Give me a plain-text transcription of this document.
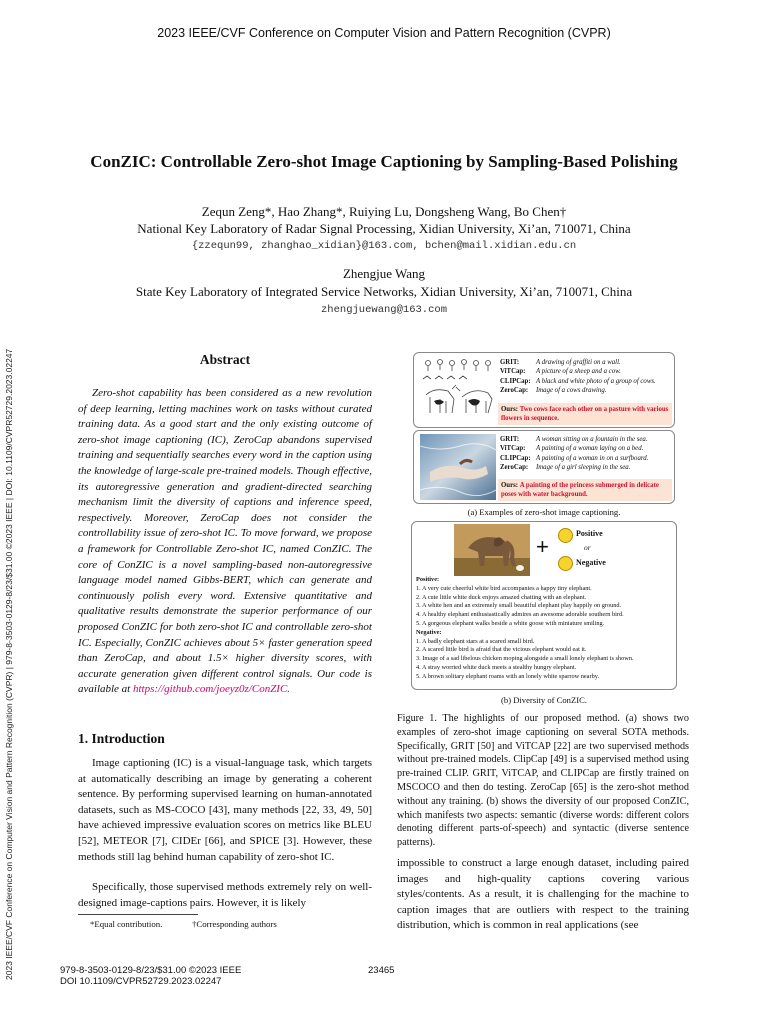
2023 IEEE/CVF Conference on Computer Vision and Pattern Recognition (CVPR)
ConZIC: Controllable Zero-shot Image Captioning by Sampling-Based Polishing
Zequn Zeng*, Hao Zhang*, Ruiying Lu, Dongsheng Wang, Bo Chen†
National Key Laboratory of Radar Signal Processing, Xidian University, Xi’an, 710071, China
{zzequn99, zhanghao_xidian}@163.com, bchen@mail.xidian.edu.cn
Zhengjue Wang
State Key Laboratory of Integrated Service Networks, Xidian University, Xi’an, 710071, China
zhengjuewang@163.com
2023 IEEE/CVF Conference on Computer Vision and Pattern Recognition (CVPR) | 979-8-3503-0129-8/23/$31.00 ©2023 IEEE | DOI: 10.1109/CVPR52729.2023.02247	Abstract
Zero-shot capability has been considered as a new revolution of deep learning, letting machines work on tasks without curated training data. As a good start and the only existing outcome of zero-shot image captioning (IC), ZeroCap abandons supervised training and sequentially searches every word in the caption using the knowledge of large-scale pre-trained models. Though effective, its autoregressive generation and gradient-directed searching mechanism limit the diversity of captions and inference speed, respectively. Moreover, ZeroCap does not consider the controllability issue of zero-shot IC. To move forward, we propose a framework for Controllable Zero-shot IC, named ConZIC. The core of ConZIC is a novel sampling-based non-autoregressive language model named Gibbs-BERT, which can generate and continuously polish every word. Extensive quantitative and qualitative results demonstrate the superior performance of our proposed ConZIC for both zero-shot IC and controllable zero-shot IC. Especially, ConZIC achieves about 5× faster generation speed than ZeroCap, and about 1.5× higher diversity scores, with accurate generation given different control signals. Our code is available at https://github.com/joeyz0z/ConZIC.
1. Introduction
Image captioning (IC) is a visual-language task, which targets at automatically describing an image by generating a coherent sentence. By performing supervised learning on human-annotated datasets, such as MS-COCO [43], many methods [22, 33, 49, 50] have achieved impressive evaluation scores on metrics like BLEU [52], METEOR [7], CIDEr [66], and SPICE [3]. However, these methods still lag behind human capability of zero-shot IC.
Specifically, those supervised methods extremely rely on well-designed image-captions pairs. However, it is likely
*Equal contribution.	†Corresponding authors
GRIT: A drawing of graffiti on a wall.
ViTCap: A picture of a sheep and a cow.
CLIPCap: A black and white photo of a group of cows.
ZeroCap: Image of a cows drawing.
Ours: Two cows face each other on a pasture with various flowers in sequence.
GRIT: A woman sitting on a fountain in the sea.
ViTCap: A painting of a woman laying on a bed.
CLIPCap: A painting of a woman in on a surfboard.
ZeroCap: Image of a girl sleeping in the sea.
Ours: A painting of the princess submerged in delicate poses with water background.
(a) Examples of zero-shot image captioning.
+
Positive
or
Negative
Positive:
1. A very cute cheerful white bird accompanies a happy tiny elephant.
2. A cute little white duck enjoys amazed chatting with an elephant.
3. A white hen and an extremely small beautiful elephant play happily on ground.
4. A healthy elephant enthusiastically admires an awesome adorable southern bird.
5. A gorgeous elephant walks beside a white goose with miniature smiling.
Negative:
1. A badly elephant stars at a scared small bird.
2. A scared little bird is afraid that the vicious elephant would eat it.
3. Image of a sad libelous chicken moping alongside a small lonely elephant is shown.
4. A stray worried white duck meets a stealthy hungry elephant.
5. A brown solitary elephant roams with an lonely white sparrow nearby.
(b) Diversity of ConZIC.
Figure 1. The highlights of our proposed method. (a) shows two examples of zero-shot image captioning on several SOTA methods. Specifically, GRIT [50] and ViTCAP [22] are two supervised methods without pre-trained models. ClipCap [49] is a supervised method using pre-trained CLIP. GRIT, ViTCAP, and CLIPCap are firstly trained on MSCOCO and then do testing. ZeroCap [65] is the zero-shot method without any training. (b) shows the diversity of our proposed ConZIC, which manifests two aspects: semantic (diverse words: different colors denoting different parts-of-speech) and syntactic (diverse sentence patterns).
impossible to construct a large enough dataset, including paired images and high-quality captions covering various styles/contents. As a result, it is challenging for the machine to caption images that are outliers with respect to the training distribution, which is common in real applications (see
979-8-3503-0129-8/23/$31.00 ©2023 IEEE
DOI 10.1109/CVPR52729.2023.02247
23465
